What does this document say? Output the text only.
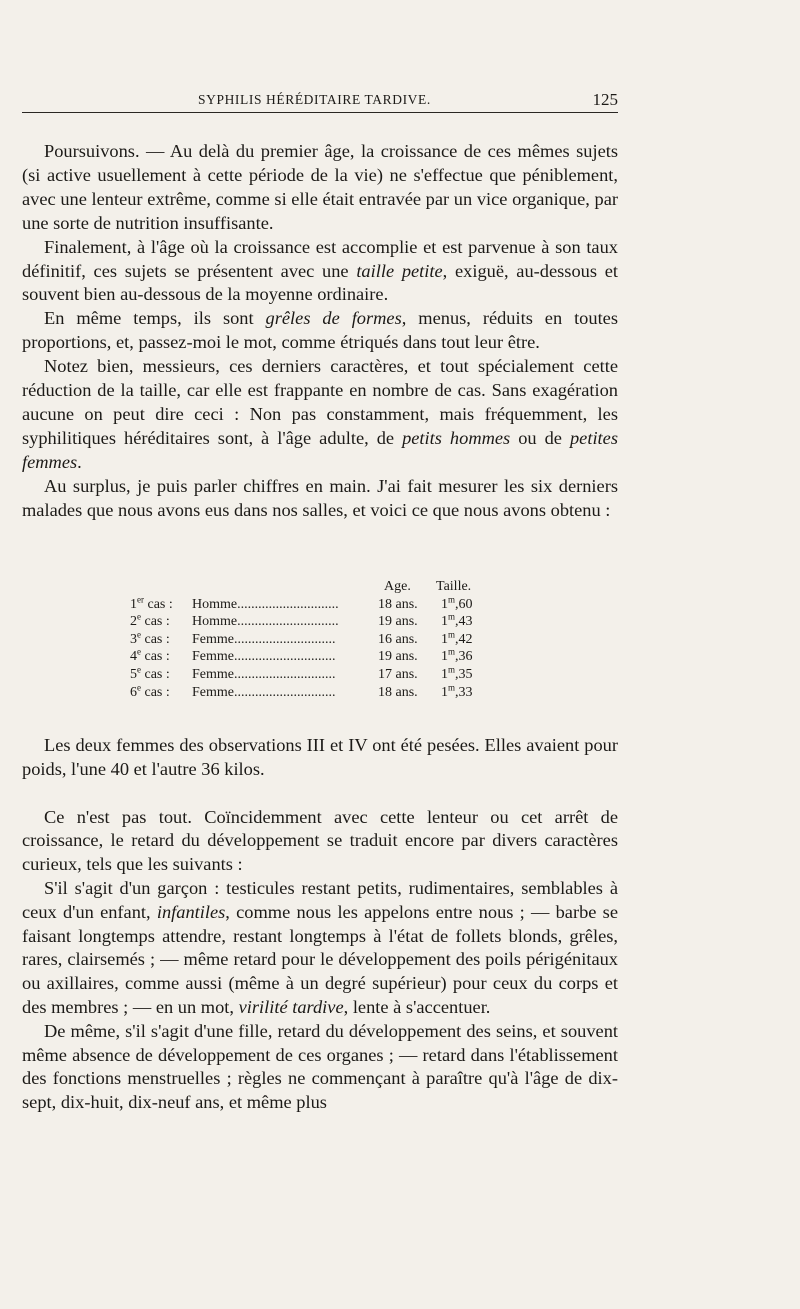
SYPHILIS HÉRÉDITAIRE TARDIVE.	125

Poursuivons. — Au delà du premier âge, la croissance de ces mêmes sujets (si active usuellement à cette période de la vie) ne s'effectue que péniblement, avec une lenteur extrême, comme si elle était entravée par un vice organique, par une sorte de nutrition insuffisante.

Finalement, à l'âge où la croissance est accomplie et est parvenue à son taux définitif, ces sujets se présentent avec une taille petite, exiguë, au-dessous et souvent bien au-dessous de la moyenne ordinaire.

En même temps, ils sont grêles de formes, menus, réduits en toutes proportions, et, passez-moi le mot, comme étriqués dans tout leur être.

Notez bien, messieurs, ces derniers caractères, et tout spécialement cette réduction de la taille, car elle est frappante en nombre de cas. Sans exagération aucune on peut dire ceci : Non pas constamment, mais fréquemment, les syphilitiques héréditaires sont, à l'âge adulte, de petits hommes ou de petites femmes.

Au surplus, je puis parler chiffres en main. J'ai fait mesurer les six derniers malades que nous avons eus dans nos salles, et voici ce que nous avons obtenu :

Age. Taille.
1er cas : Homme.............................	18 ans. 1$^m$,60
2e cas : Homme.............................	19 ans. 1$^m$,43
3e cas : Femme.............................	16 ans. 1$^m$,42
4e cas : Femme.............................	19 ans. 1$^m$,36
5e cas : Femme.............................	17 ans. 1$^m$,35
6e cas : Femme.............................	18 ans. 1$^m$,33

Les deux femmes des observations III et IV ont été pesées. Elles avaient pour poids, l'une 40 et l'autre 36 kilos.

Ce n'est pas tout. Coïncidemment avec cette lenteur ou cet arrêt de croissance, le retard du développement se traduit encore par divers caractères curieux, tels que les suivants :

S'il s'agit d'un garçon : testicules restant petits, rudimentaires, semblables à ceux d'un enfant, infantiles, comme nous les appelons entre nous ; — barbe se faisant longtemps attendre, restant longtemps à l'état de follets blonds, grêles, rares, clairsemés ; — même retard pour le développement des poils périgénitaux ou axillaires, comme aussi (même à un degré supérieur) pour ceux du corps et des membres ; — en un mot, virilité tardive, lente à s'accentuer.

De même, s'il s'agit d'une fille, retard du développement des seins, et souvent même absence de développement de ces organes ; — retard dans l'établissement des fonctions menstruelles ; règles ne commençant à paraître qu'à l'âge de dix-sept, dix-huit, dix-neuf ans, et même plus
